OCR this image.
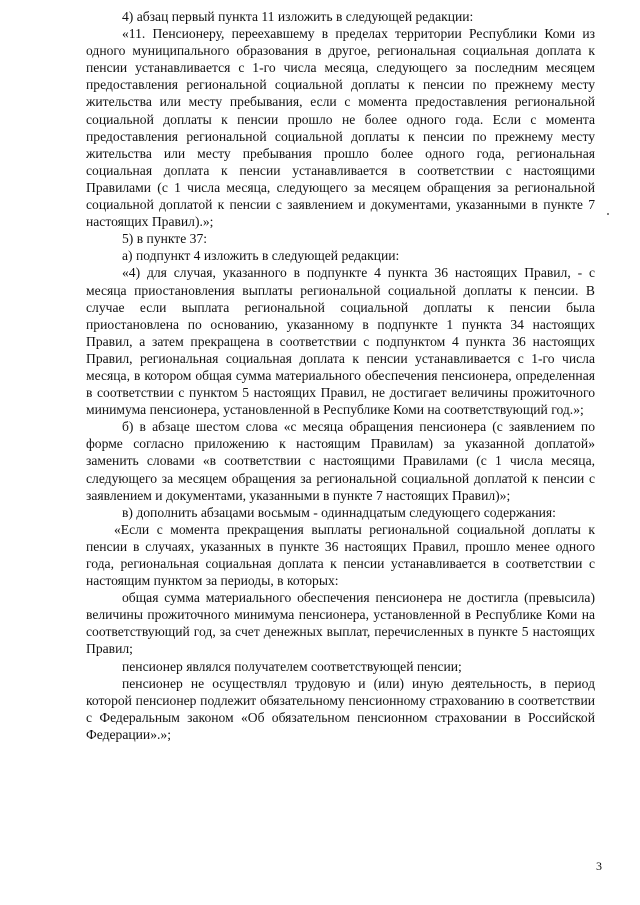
4) абзац первый пункта 11 изложить в следующей редакции:

«11. Пенсионеру, переехавшему в пределах территории Республики Коми из одного муниципального образования в другое, региональная социальная доплата к пенсии устанавливается с 1-го числа месяца, следующего за последним месяцем предоставления региональной социальной доплаты к пенсии по прежнему месту жительства или месту пребывания, если с момента предоставления региональной социальной доплаты к пенсии прошло не более одного года. Если с момента предоставления региональной социальной доплаты к пенсии по прежнему месту жительства или месту пребывания прошло более одного года, региональная социальная доплата к пенсии устанавливается в соответствии с настоящими Правилами (с 1 числа месяца, следующего за месяцем обращения за региональной социальной доплатой к пенсии с заявлением и документами, указанными в пункте 7 настоящих Правил).»;

5) в пункте 37:

а) подпункт 4 изложить в следующей редакции:

«4) для случая, указанного в подпункте 4 пункта 36 настоящих Правил, - с месяца приостановления выплаты региональной социальной доплаты к пенсии. В случае если выплата региональной социальной доплаты к пенсии была приостановлена по основанию, указанному в подпункте 1 пункта 34 настоящих Правил, а затем прекращена в соответствии с подпунктом 4 пункта 36 настоящих Правил, региональная социальная доплата к пенсии устанавливается с 1-го числа месяца, в котором общая сумма материального обеспечения пенсионера, определенная в соответствии с пунктом 5 настоящих Правил, не достигает величины прожиточного минимума пенсионера, установленной в Республике Коми на соответствующий год.»;

б) в абзаце шестом слова «с месяца обращения пенсионера (с заявлением по форме согласно приложению к настоящим Правилам) за указанной доплатой» заменить словами «в соответствии с настоящими Правилами (с 1 числа месяца, следующего за месяцем обращения за региональной социальной доплатой к пенсии с заявлением и документами, указанными в пункте 7 настоящих Правил)»;

в) дополнить абзацами восьмым - одиннадцатым следующего содержания:

«Если с момента прекращения выплаты региональной социальной доплаты к пенсии в случаях, указанных в пункте 36 настоящих Правил, прошло менее одного года, региональная социальная доплата к пенсии устанавливается в соответствии с настоящим пунктом за периоды, в которых:

общая сумма материального обеспечения пенсионера не достигла (превысила) величины прожиточного минимума пенсионера, установленной в Республике Коми на соответствующий год, за счет денежных выплат, перечисленных в пункте 5 настоящих Правил;

пенсионер являлся получателем соответствующей пенсии;

пенсионер не осуществлял трудовую и (или) иную деятельность, в период которой пенсионер подлежит обязательному пенсионному страхованию в соответствии с Федеральным законом «Об обязательном пенсионном страховании в Российской Федерации».»;

3
